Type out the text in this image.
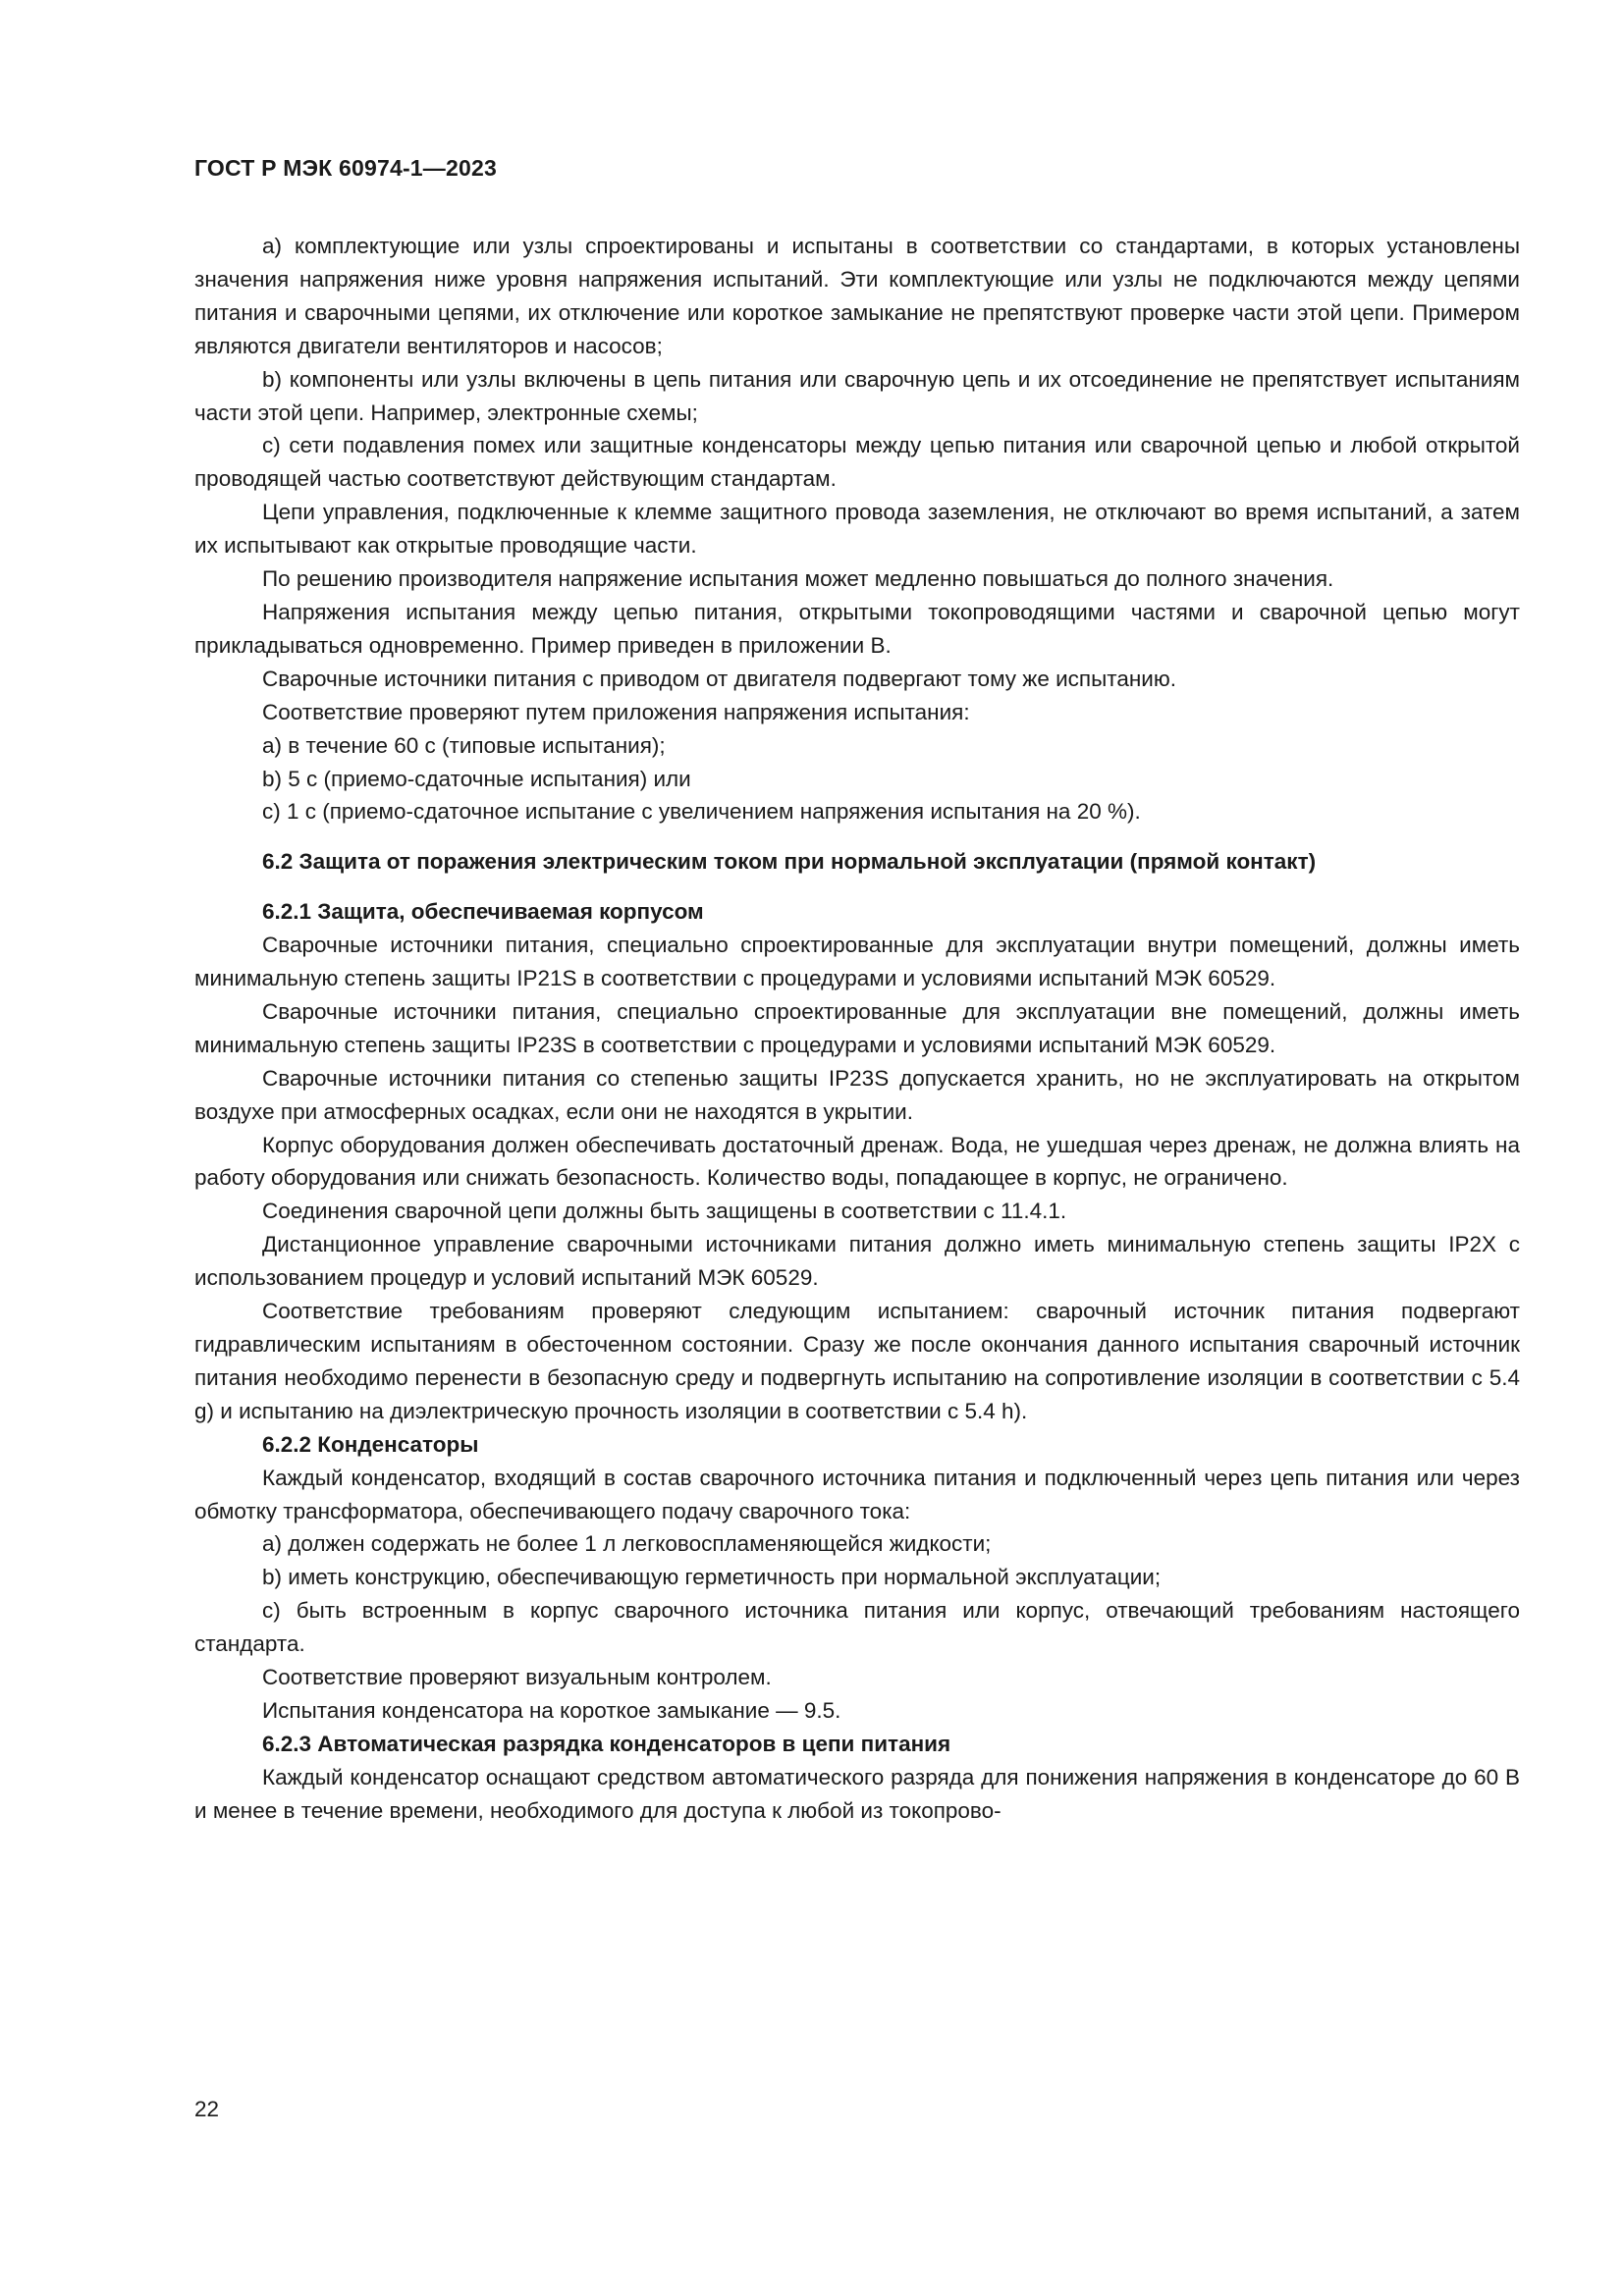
ГОСТ Р МЭК 60974-1—2023

a) комплектующие или узлы спроектированы и испытаны в соответствии со стандартами, в которых установлены значения напряжения ниже уровня напряжения испытаний. Эти комплектующие или узлы не подключаются между цепями питания и сварочными цепями, их отключение или короткое замыкание не препятствуют проверке части этой цепи. Примером являются двигатели вентиляторов и насосов;

b) компоненты или узлы включены в цепь питания или сварочную цепь и их отсоединение не препятствует испытаниям части этой цепи. Например, электронные схемы;

c) сети подавления помех или защитные конденсаторы между цепью питания или сварочной цепью и любой открытой проводящей частью соответствуют действующим стандартам.

Цепи управления, подключенные к клемме защитного провода заземления, не отключают во время испытаний, а затем их испытывают как открытые проводящие части.

По решению производителя напряжение испытания может медленно повышаться до полного значения.

Напряжения испытания между цепью питания, открытыми токопроводящими частями и сварочной цепью могут прикладываться одновременно. Пример приведен в приложении В.

Сварочные источники питания с приводом от двигателя подвергают тому же испытанию.

Соответствие проверяют путем приложения напряжения испытания:

a) в течение 60 с (типовые испытания);

b) 5 с (приемо-сдаточные испытания) или

c) 1 с (приемо-сдаточное испытание с увеличением напряжения испытания на 20 %).

6.2 Защита от поражения электрическим током при нормальной эксплуатации (прямой контакт)

6.2.1 Защита, обеспечиваемая корпусом

Сварочные источники питания, специально спроектированные для эксплуатации внутри помещений, должны иметь минимальную степень защиты IP21S в соответствии с процедурами и условиями испытаний МЭК 60529.

Сварочные источники питания, специально спроектированные для эксплуатации вне помещений, должны иметь минимальную степень защиты IP23S в соответствии с процедурами и условиями испытаний МЭК 60529.

Сварочные источники питания со степенью защиты IP23S допускается хранить, но не эксплуатировать на открытом воздухе при атмосферных осадках, если они не находятся в укрытии.

Корпус оборудования должен обеспечивать достаточный дренаж. Вода, не ушедшая через дренаж, не должна влиять на работу оборудования или снижать безопасность. Количество воды, попадающее в корпус, не ограничено.

Соединения сварочной цепи должны быть защищены в соответствии с 11.4.1.

Дистанционное управление сварочными источниками питания должно иметь минимальную степень защиты IP2X с использованием процедур и условий испытаний МЭК 60529.

Соответствие требованиям проверяют следующим испытанием: сварочный источник питания подвергают гидравлическим испытаниям в обесточенном состоянии. Сразу же после окончания данного испытания сварочный источник питания необходимо перенести в безопасную среду и подвергнуть испытанию на сопротивление изоляции в соответствии с 5.4 g) и испытанию на диэлектрическую прочность изоляции в соответствии с 5.4 h).

6.2.2 Конденсаторы

Каждый конденсатор, входящий в состав сварочного источника питания и подключенный через цепь питания или через обмотку трансформатора, обеспечивающего подачу сварочного тока:

a) должен содержать не более 1 л легковоспламеняющейся жидкости;

b) иметь конструкцию, обеспечивающую герметичность при нормальной эксплуатации;

c) быть встроенным в корпус сварочного источника питания или корпус, отвечающий требованиям настоящего стандарта.

Соответствие проверяют визуальным контролем.

Испытания конденсатора на короткое замыкание — 9.5.

6.2.3 Автоматическая разрядка конденсаторов в цепи питания

Каждый конденсатор оснащают средством автоматического разряда для понижения напряжения в конденсаторе до 60 В и менее в течение времени, необходимого для доступа к любой из токопрово-

22
